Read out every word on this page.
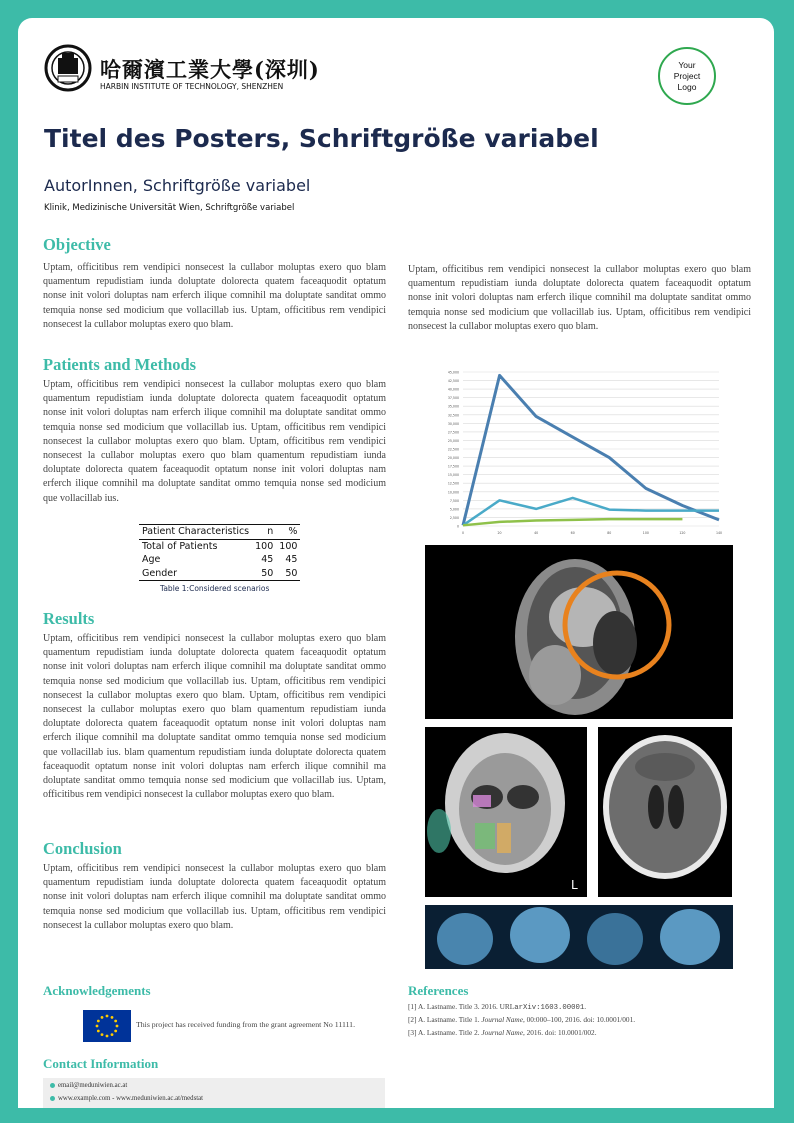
哈爾濱工業大學(深圳)
HARBIN INSTITUTE OF TECHNOLOGY, SHENZHEN
Your Project Logo
Titel des Posters, Schriftgröße variabel
AutorInnen, Schriftgröße variabel
Klinik, Medizinische Universität Wien, Schriftgröße variabel
Objective

Uptam, officitibus rem vendipici nonsecest la cullabor moluptas exero quo blam quamentum repudistiam iunda doluptate dolorecta quatem faceaquodit optatum nonse init volori doluptas nam erferch ilique comnihil ma doluptate sanditat ommo temquia nonse sed modicium que vollacillab ius. Uptam, officitibus rem vendipici nonsecest la cullabor moluptas exero quo blam.

Patients and Methods

Uptam, officitibus rem vendipici nonsecest la cullabor moluptas exero quo blam quamentum repudistiam iunda doluptate dolorecta quatem faceaquodit optatum nonse init volori doluptas nam erferch ilique comnihil ma doluptate sanditat ommo temquia nonse sed modicium que vollacillab ius. Uptam, officitibus rem vendipici nonsecest la cullabor moluptas exero quo blam. Uptam, officitibus rem vendipici nonsecest la cullabor moluptas exero quo blam quamentum repudistiam iunda doluptate dolorecta quatem faceaquodit optatum nonse init volori doluptas nam erferch ilique comnihil ma doluptate sanditat ommo temquia nonse sed modicium que vollacillab ius.

Patient Characteristics	n	%
Total of Patients	100	100
Age	45	45
Gender	50	50
Table 1:Considered scenarios
Results

Uptam, officitibus rem vendipici nonsecest la cullabor moluptas exero quo blam quamentum repudistiam iunda doluptate dolorecta quatem faceaquodit optatum nonse init volori doluptas nam erferch ilique comnihil ma doluptate sanditat ommo temquia nonse sed modicium que vollacillab ius. Uptam, officitibus rem vendipici nonsecest la cullabor moluptas exero quo blam. Uptam, officitibus rem vendipici nonsecest la cullabor moluptas exero quo blam quamentum repudistiam iunda doluptate dolorecta quatem faceaquodit optatum nonse init volori doluptas nam erferch ilique comnihil ma doluptate sanditat ommo temquia nonse sed modicium que vollacillab ius. blam quamentum repudistiam iunda doluptate dolorecta quatem faceaquodit optatum nonse init volori doluptas nam erferch ilique comnihil ma doluptate sanditat ommo temquia nonse sed modicium que vollacillab ius. Uptam, officitibus rem vendipici nonsecest la cullabor moluptas exero quo blam.

Conclusion

Uptam, officitibus rem vendipici nonsecest la cullabor moluptas exero quo blam quamentum repudistiam iunda doluptate dolorecta quatem faceaquodit optatum nonse init volori doluptas nam erferch ilique comnihil ma doluptate sanditat ommo temquia nonse sed modicium que vollacillab ius. Uptam, officitibus rem vendipici nonsecest la cullabor moluptas exero quo blam.

Acknowledgements
This project has received funding from the grant agreement No 11111.
Contact Information
email@meduniwien.ac.at
www.example.com - www.meduniwien.ac.at/medstat

Uptam, officitibus rem vendipici nonsecest la cullabor moluptas exero quo blam quamentum repudistiam iunda doluptate dolorecta quatem faceaquodit optatum nonse init volori doluptas nam erferch ilique comnihil ma doluptate sanditat ommo temquia nonse sed modicium que vollacillab ius. Uptam, officitibus rem vendipici nonsecest la cullabor moluptas exero quo blam.

0
2,500
5,000
7,500
10,000
12,500
15,000
17,500
20,000
22,500
25,000
27,500
30,000
32,500
35,000
37,500
40,000
42,500
45,000
0	20	40	60	80	100	120	140
L
References
[1] A. Lastname. Title 3. 2016. URLarXiv:1603.00001.
[2] A. Lastname. Title 1. Journal Name, 00:000–100, 2016. doi: 10.0001/001.
[3] A. Lastname. Title 2. Journal Name, 2016. doi: 10.0001/002.
